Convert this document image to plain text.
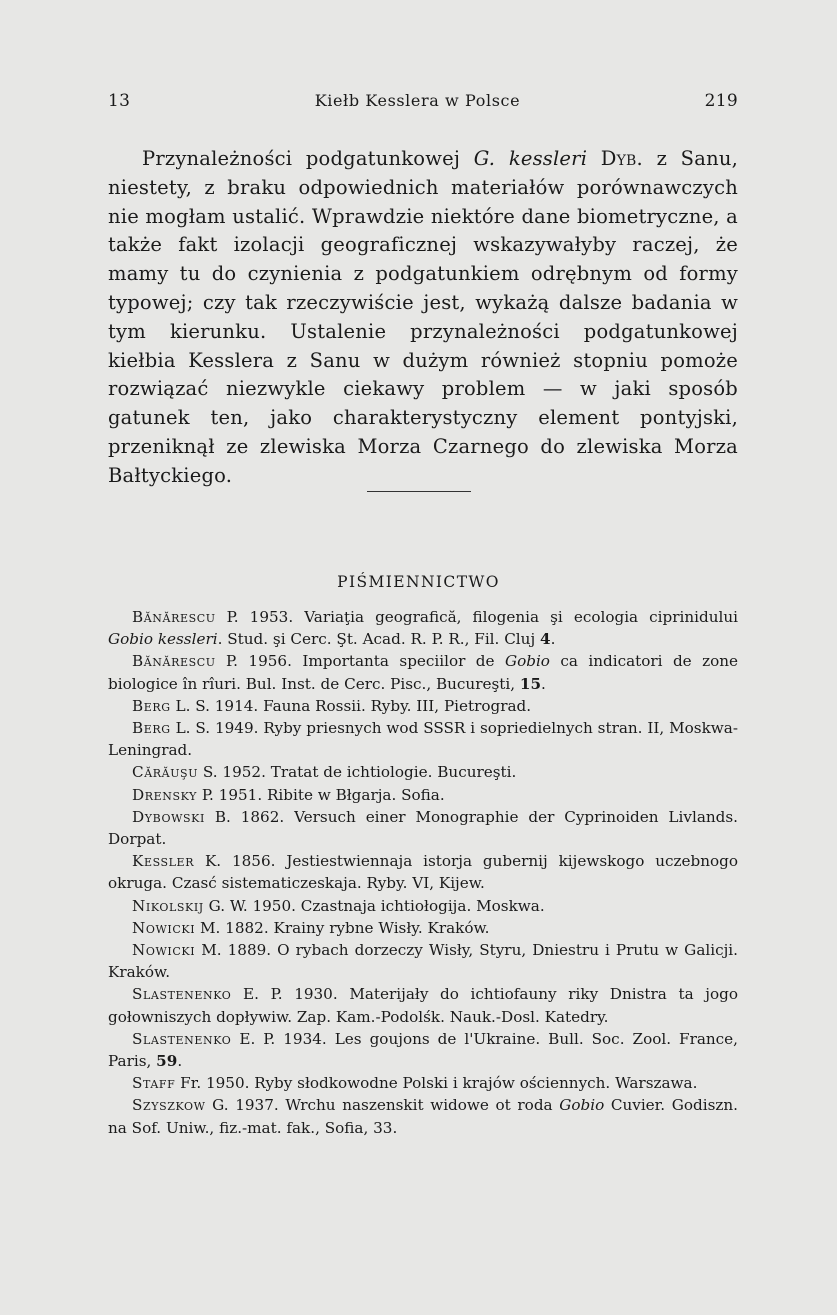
13	Kiełb Kesslera w Polsce	219

Przynależności podgatunkowej G. kessleri Dyb. z Sanu, niestety, z braku odpowiednich materiałów porównawczych nie mogłam ustalić. Wprawdzie niektóre dane biometryczne, a także fakt izolacji geograficznej wskazywałyby raczej, że mamy tu do czynienia z podgatunkiem odrębnym od formy typowej; czy tak rzeczywiście jest, wykażą dalsze badania w tym kierunku. Ustalenie przynależności podgatunkowej kiełbia Kesslera z Sanu w dużym również stopniu pomoże rozwiązać niezwykle ciekawy problem — w jaki sposób gatunek ten, jako charakterystyczny element pontyjski, przeniknął ze zlewiska Morza Czarnego do zlewiska Morza Bałtyckiego.

PIŚMIENNICTWO
Bănărescu P. 1953. Variaţia geografică, filogenia şi ecologia ciprinidului Gobio kessleri. Stud. şi Cerc. Şt. Acad. R. P. R., Fil. Cluj 4.
Bănărescu P. 1956. Importanta speciilor de Gobio ca indicatori de zone biologice în rîuri. Bul. Inst. de Cerc. Pisc., Bucureşti, 15.
Berg L. S. 1914. Fauna Rossii. Ryby. III, Pietrograd.
Berg L. S. 1949. Ryby priesnych wod SSSR i sopriedielnych stran. II, Moskwa-Leningrad.
Cărăuşu S. 1952. Tratat de ichtiologie. Bucureşti.
Drensky P. 1951. Ribite w Błgarja. Sofia.
Dybowski B. 1862. Versuch einer Monographie der Cyprinoiden Livlands. Dorpat.
Kessler K. 1856. Jestiestwiennaja istorja gubernij kijewskogo uczebnogo okruga. Czasć sistematiczeskaja. Ryby. VI, Kijew.
Nikolskij G. W. 1950. Czastnaja ichtiołogija. Moskwa.
Nowicki M. 1882. Krainy rybne Wisły. Kraków.
Nowicki M. 1889. O rybach dorzeczy Wisły, Styru, Dniestru i Prutu w Galicji. Kraków.
Slastenenko E. P. 1930. Materijały do ichtiofauny riky Dnistra ta jogo gołowniszych dopływiw. Zap. Kam.-Podolśk. Nauk.-Dosl. Katedry.
Slastenenko E. P. 1934. Les goujons de l'Ukraine. Bull. Soc. Zool. France, Paris, 59.
Staff Fr. 1950. Ryby słodkowodne Polski i krajów ościennych. Warszawa.
Szyszkow G. 1937. Wrchu naszenskit widowe ot roda Gobio Cuvier. Godiszn. na Sof. Uniw., fiz.-mat. fak., Sofia, 33.
